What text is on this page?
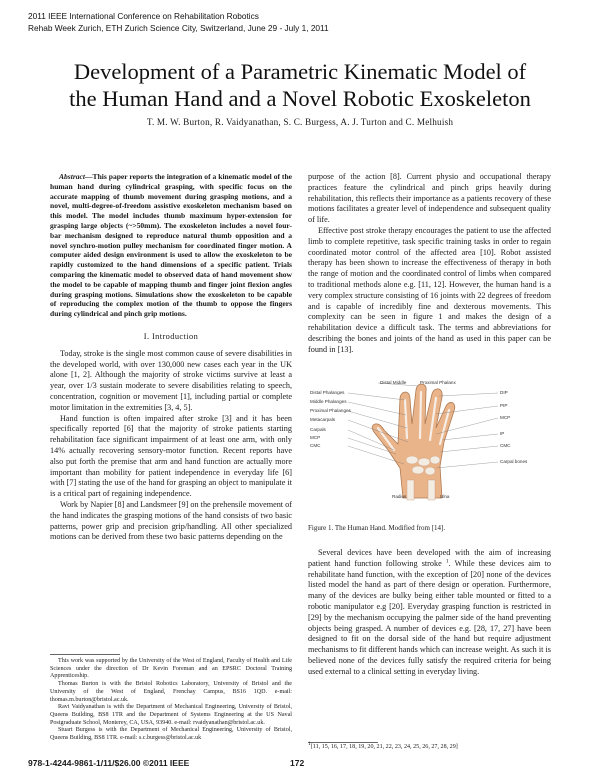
2011 IEEE International Conference on Rehabilitation Robotics
Rehab Week Zurich, ETH Zurich Science City, Switzerland, June 29 - July 1, 2011
Development of a Parametric Kinematic Model of
the Human Hand and a Novel Robotic Exoskeleton
T. M. W. Burton, R. Vaidyanathan, S. C. Burgess, A. J. Turton and C. Melhuish
Abstract—This paper reports the integration of a kinematic model of the human hand during cylindrical grasping, with specific focus on the accurate mapping of thumb movement during grasping motions, and a novel, multi-degree-of-freedom assistive exoskeleton mechanism based on this model. The model includes thumb maximum hyper-extension for grasping large objects (~>50mm). The exoskeleton includes a novel four-bar mechanism designed to reproduce natural thumb opposition and a novel synchro-motion pulley mechanism for coordinated finger motion. A computer aided design environment is used to allow the exoskeleton to be rapidly customized to the hand dimensions of a specific patient. Trials comparing the kinematic model to observed data of hand movement show the model to be capable of mapping thumb and finger joint flexion angles during grasping motions. Simulations show the exoskeleton to be capable of reproducing the complex motion of the thumb to oppose the fingers during cylindrical and pinch grip motions.
I. Introduction

Today, stroke is the single most common cause of severe disabilities in the developed world, with over 130,000 new cases each year in the UK alone [1, 2]. Although the majority of stroke victims survive at least a year, over 1/3 sustain moderate to severe disabilities relating to speech, concentration, cognition or movement [1], including partial or complete motor limitation in the extremities [3, 4, 5].

Hand function is often impaired after stroke [3] and it has been specifically reported [6] that the majority of stroke patients starting rehabilitation face significant impairment of at least one arm, with only 14% actually recovering sensory-motor function. Recent reports have also put forth the premise that arm and hand function are actually more important than mobility for patient independence in everyday life [6] with [7] stating the use of the hand for grasping an object to manipulate it is a critical part of regaining independence.

Work by Napier [8] and Landsmeer [9] on the prehensile movement of the hand indicates the grasping motions of the hand consists of two basic patterns, power grip and precision grip/handling. All other specialized motions can be derived from these two basic patterns depending on the

This work was supported by the University of the West of England, Faculty of Health and Life Sciences under the direction of Dr Kevin Foreman and an EPSRC Doctoral Training Apprenticeship.
Thomas Burton is with the Bristol Robotics Laboratory, University of Bristol and the University of the West of England, Frenchay Campus, BS16 1QD. e-mail: thomas.m.burton@bristol.ac.uk.
Ravi Vaidyanathan is with the Department of Mechanical Engineering, University of Bristol, Queens Building, BS8 1TR and the Department of Systems Engineering at the US Naval Postgraduate School, Monterey, CA, USA, 93940. e-mail: rvaidyanathan@bristol.ac.uk.
Stuart Burgess is with the Department of Mechanical Engineering, University of Bristol, Queens Building, BS8 1TR. e-mail: s.c.burgess@bristol.ac.uk

purpose of the action [8]. Current physio and occupational therapy practices feature the cylindrical and pinch grips heavily during rehabilitation, this reflects their importance as a patients recovery of these motions facilitates a greater level of independence and subsequent quality of life.

Effective post stroke therapy encourages the patient to use the affected limb to complete repetitive, task specific training tasks in order to regain coordinated motor control of the affected area [10]. Robot assisted therapy has been shown to increase the effectiveness of therapy in both the range of motion and the coordinated control of limbs when compared to traditional methods alone e.g. [11, 12]. However, the human hand is a very complex structure consisting of 16 joints with 22 degrees of freedom and is capable of incredibly fine and dexterous movements. This complexity can be seen in figure 1 and makes the design of a rehabilitation device a difficult task. The terms and abbreviations for describing the bones and joints of the hand as used in this paper can be found in [13].

Distal Middle	Proximal Phalanx
Distal Phalanges
Middle Phalanges
Proximal Phalanges
Metacarpals
Carpals
MCP
CMC
DIP
PIP
MCP
IP
CMC
Carpal bones
Radius	Ulna
Figure 1. The Human Hand. Modified from [14].

Several devices have been developed with the aim of increasing patient hand function following stroke $^1$. While these devices aim to rehabilitate hand function, with the exception of [20] none of the devices listed model the hand as part of there design or operation. Furthermore, many of the devices are bulky being either table mounted or fitted to a robotic manipulator e.g [20]. Everyday grasping function is restricted in [29] by the mechanism occupying the palmer side of the hand preventing objects being grasped. A number of devices e.g. [28, 17, 27] have been designed to fit on the dorsal side of the hand but require adjustment mechanisms to fit different hands which can increase weight. As such it is believed none of the devices fully satisfy the required criteria for being used external to a clinical setting in everyday living.

1[11, 15, 16, 17, 18, 19, 20, 21, 22, 23, 24, 25, 26, 27, 28, 29]
978-1-4244-9861-1/11/$26.00 ©2011 IEEE	172
